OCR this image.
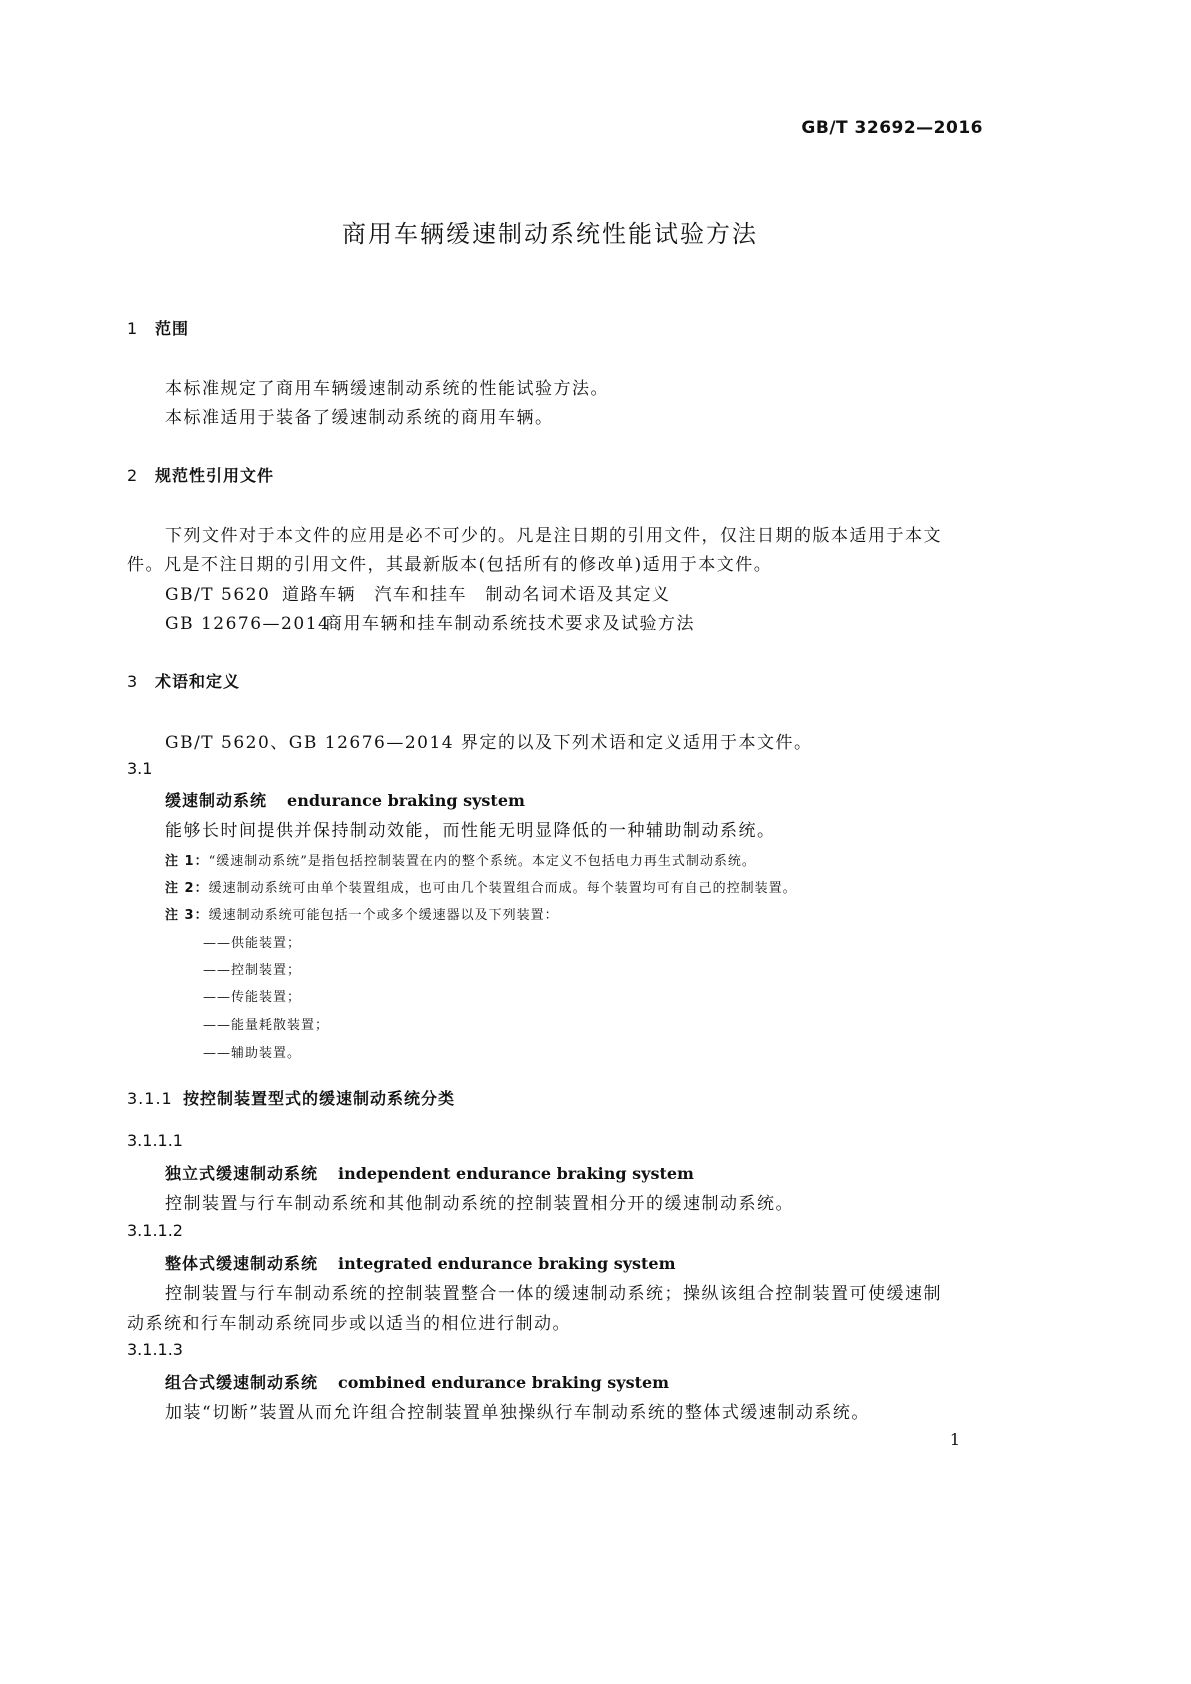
GB/T 32692—2016
商用车辆缓速制动系统性能试验方法
1 范围
本标准规定了商用车辆缓速制动系统的性能试验方法。
本标准适用于装备了缓速制动系统的商用车辆。
2 规范性引用文件
下列文件对于本文件的应用是必不可少的。凡是注日期的引用文件，仅注日期的版本适用于本文
件。凡是不注日期的引用文件，其最新版本(包括所有的修改单)适用于本文件。
GB/T 5620 道路车辆　汽车和挂车　制动名词术语及其定义
GB 12676—2014商用车辆和挂车制动系统技术要求及试验方法
3 术语和定义
GB/T 5620、GB 12676—2014 界定的以及下列术语和定义适用于本文件。
3.1
缓速制动系统 endurance braking system
能够长时间提供并保持制动效能，而性能无明显降低的一种辅助制动系统。
注 1：“缓速制动系统”是指包括控制装置在内的整个系统。本定义不包括电力再生式制动系统。
注 2：缓速制动系统可由单个装置组成，也可由几个装置组合而成。每个装置均可有自己的控制装置。
注 3：缓速制动系统可能包括一个或多个缓速器以及下列装置：
——供能装置；
——控制装置；
——传能装置；
——能量耗散装置；
——辅助装置。
3.1.1 按控制装置型式的缓速制动系统分类
3.1.1.1
独立式缓速制动系统 independent endurance braking system
控制装置与行车制动系统和其他制动系统的控制装置相分开的缓速制动系统。
3.1.1.2
整体式缓速制动系统 integrated endurance braking system
控制装置与行车制动系统的控制装置整合一体的缓速制动系统；操纵该组合控制装置可使缓速制
动系统和行车制动系统同步或以适当的相位进行制动。
3.1.1.3
组合式缓速制动系统 combined endurance braking system
加装“切断”装置从而允许组合控制装置单独操纵行车制动系统的整体式缓速制动系统。
1
